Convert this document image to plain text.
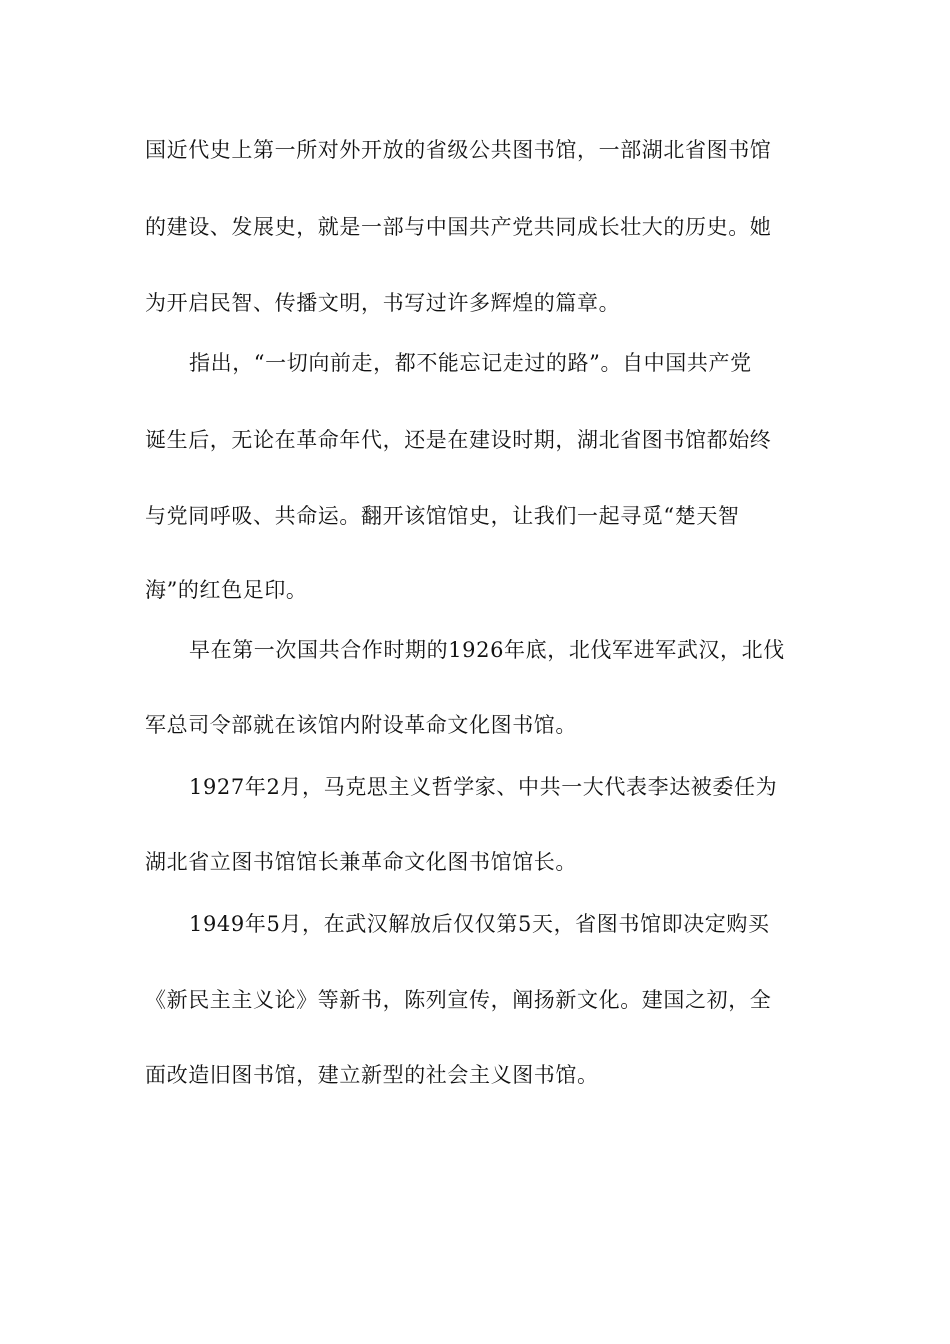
国近代史上第一所对外开放的省级公共图书馆，一部湖北省图书馆
的建设、发展史，就是一部与中国共产党共同成长壮大的历史。她
为开启民智、传播文明，书写过许多辉煌的篇章。
指出，“一切向前走，都不能忘记走过的路”。自中国共产党
诞生后，无论在革命年代，还是在建设时期，湖北省图书馆都始终
与党同呼吸、共命运。翻开该馆馆史，让我们一起寻觅“楚天智
海”的红色足印。
早在第一次国共合作时期的1926年底，北伐军进军武汉，北伐
军总司令部就在该馆内附设革命文化图书馆。
1927年2月，马克思主义哲学家、中共一大代表李达被委任为
湖北省立图书馆馆长兼革命文化图书馆馆长。
1949年5月，在武汉解放后仅仅第5天，省图书馆即决定购买
《新民主主义论》等新书，陈列宣传，阐扬新文化。建国之初，全
面改造旧图书馆，建立新型的社会主义图书馆。
